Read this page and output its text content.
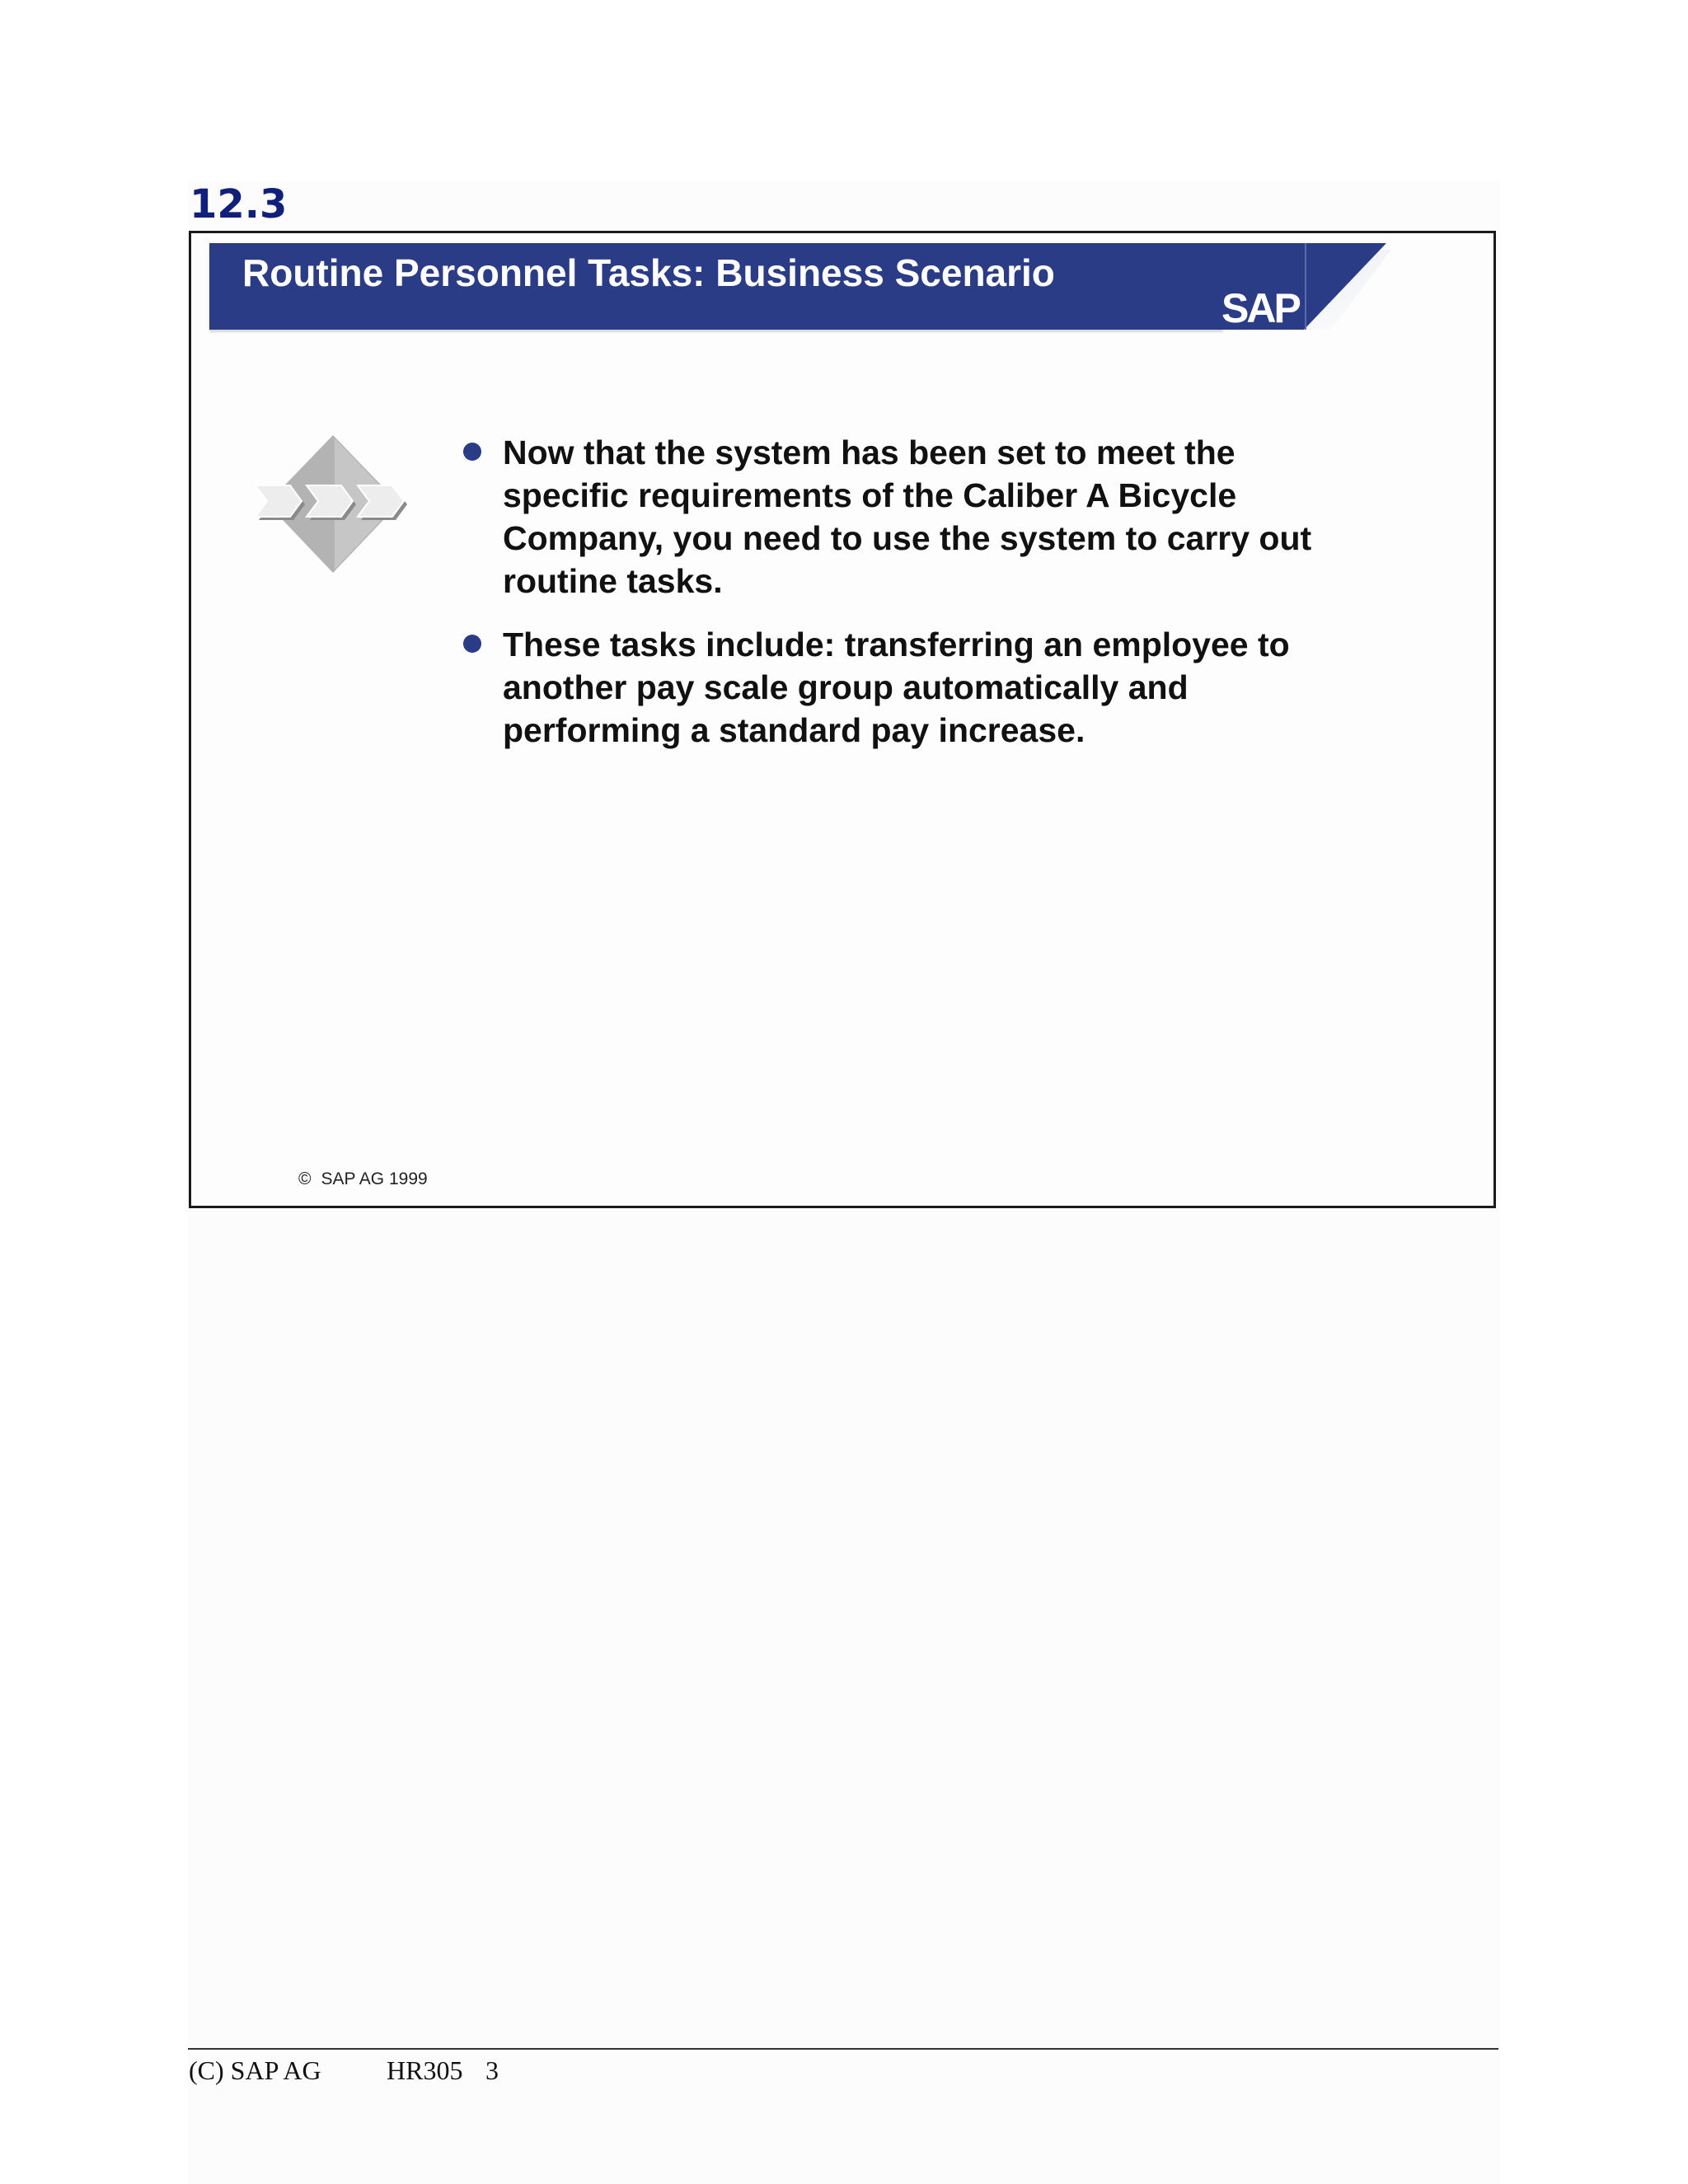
12.3
Routine Personnel Tasks: Business Scenario
SAP
Now that the system has been set to meet the specific requirements of the Caliber A Bicycle Company, you need to use the system to carry out routine tasks.
These tasks include: transferring an employee to another pay scale group automatically and performing a standard pay increase.
© SAP AG 1999
(C) SAP AG HR305 3
